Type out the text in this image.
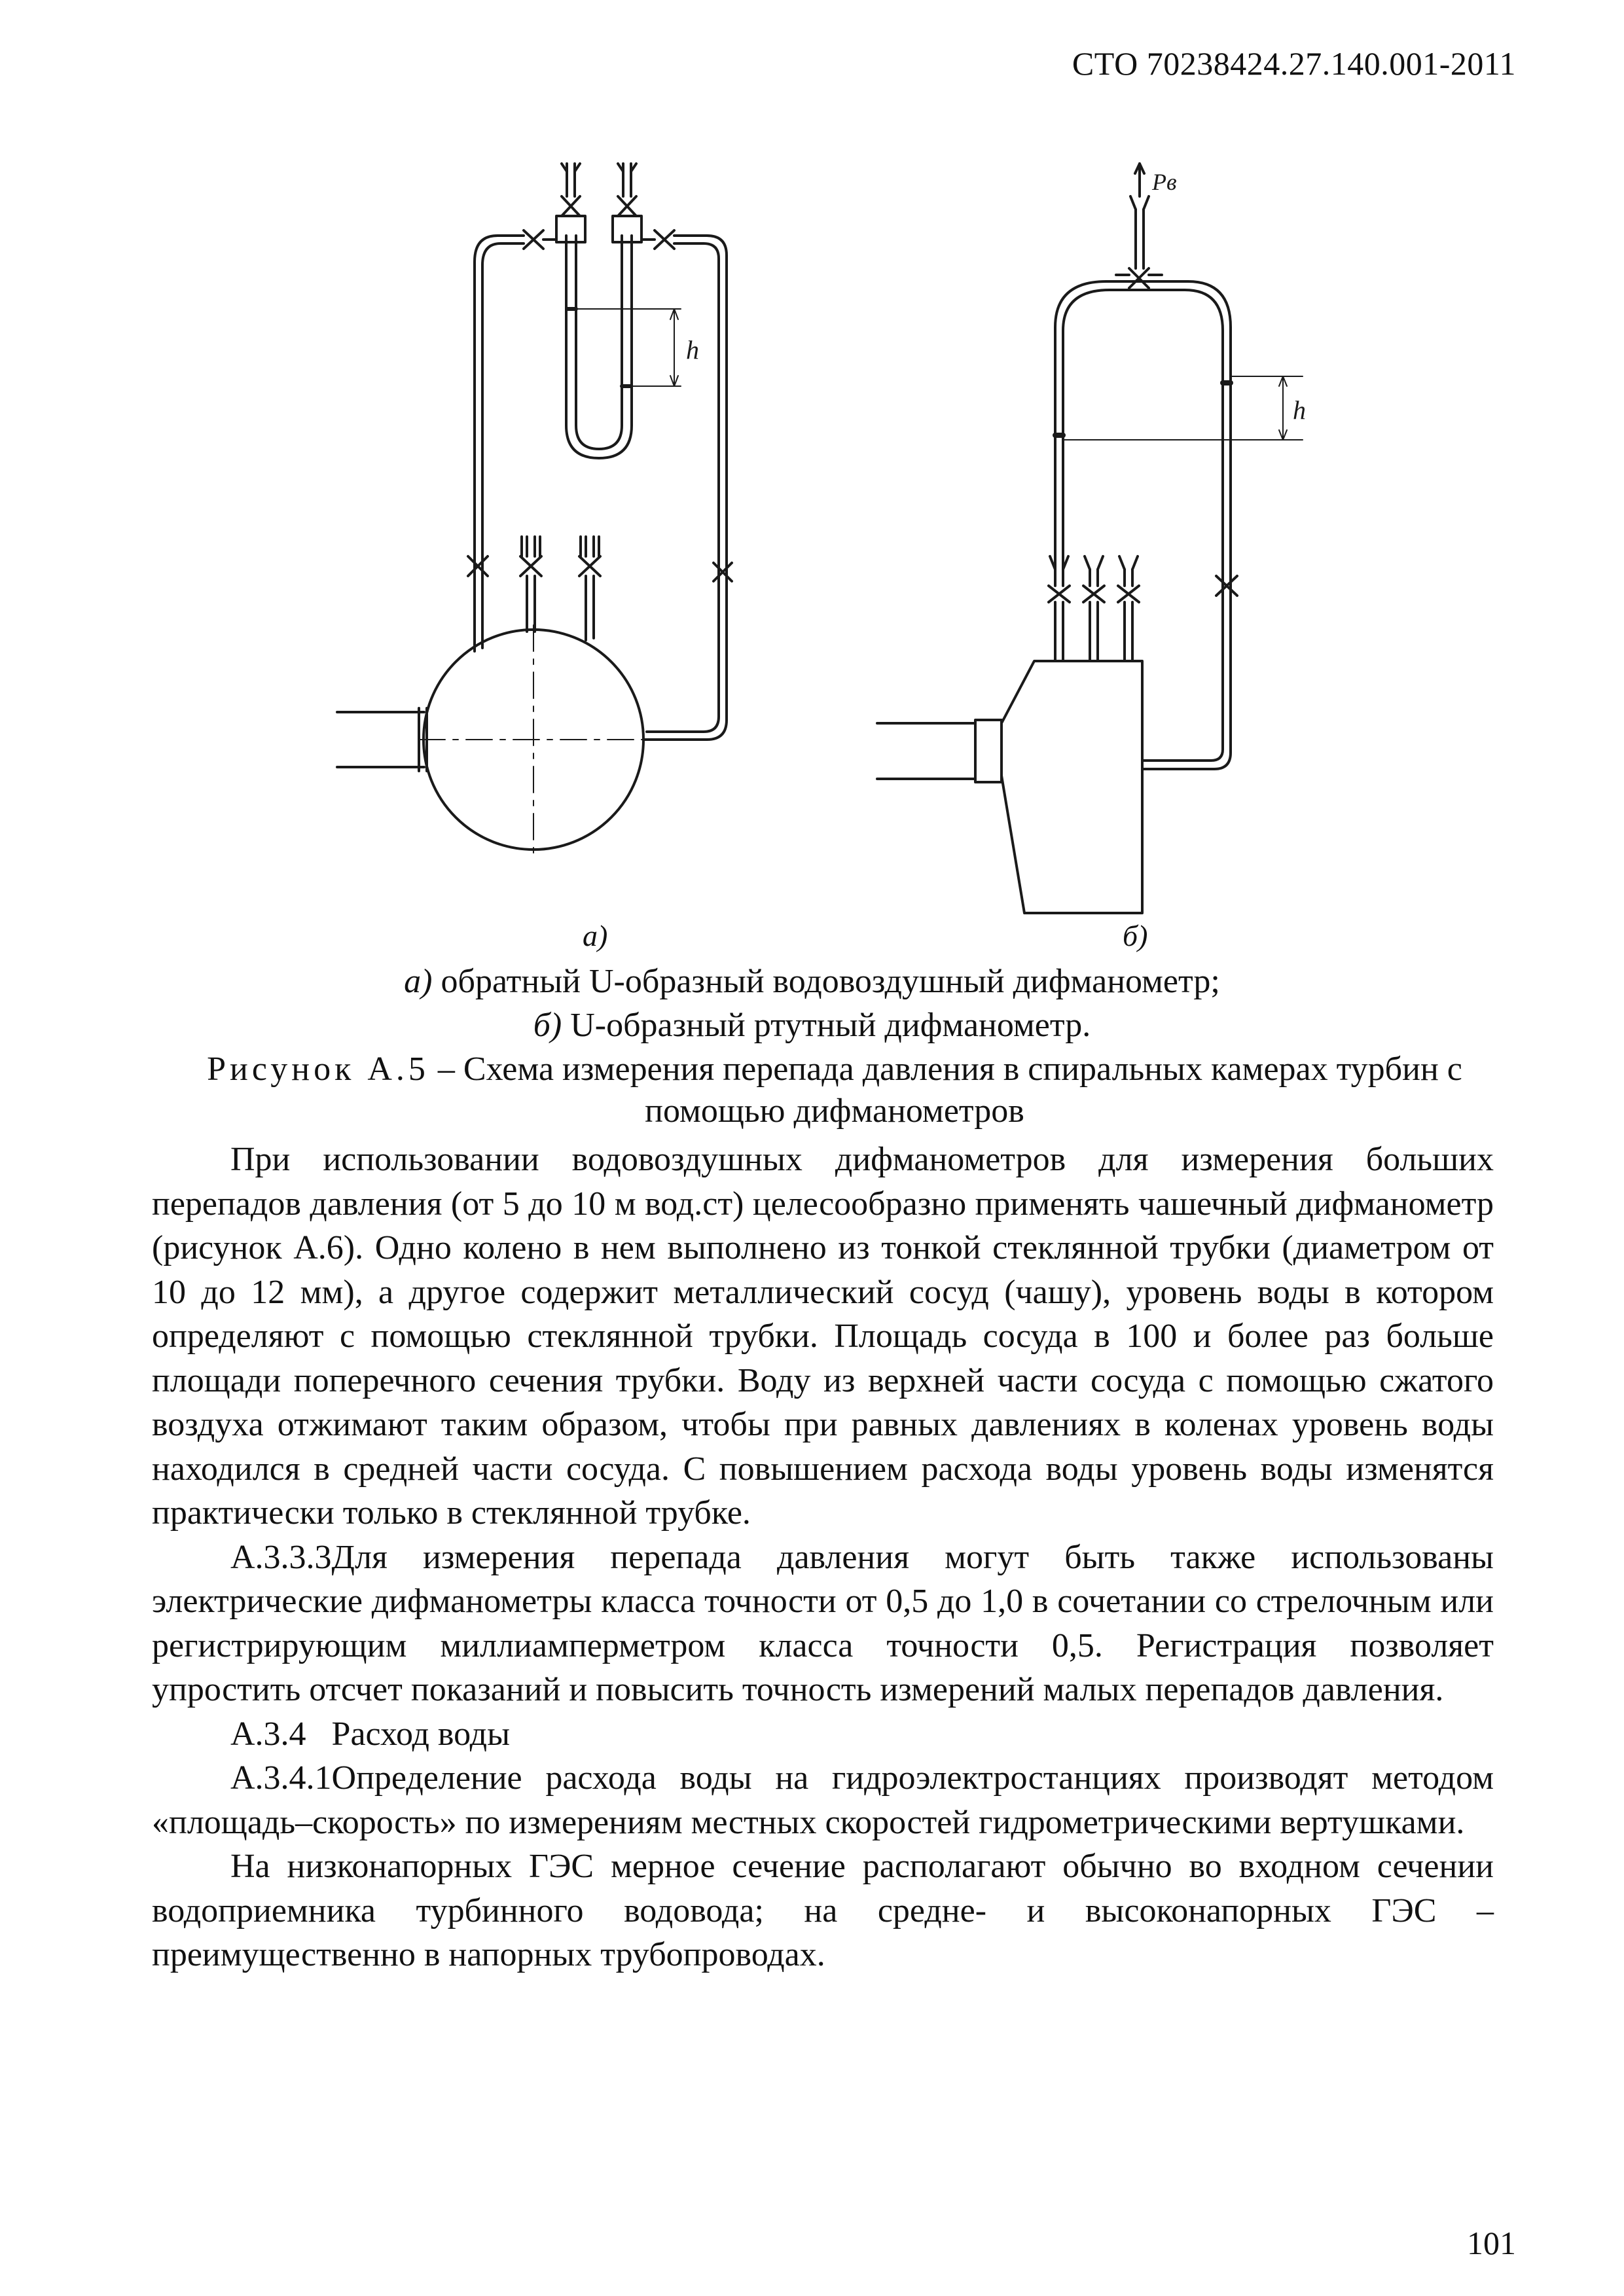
СТО 70238424.27.140.001-2011
h
Pв
h
а)	б)
а) обратный U-образный водовоздушный дифманометр;
б) U-образный ртутный дифманометр.
Рисунок А.5 – Схема измерения перепада давления в спиральных камерах турбин с помощью дифманометров

При использовании водовоздушных дифманометров для измерения больших перепадов давления (от 5 до 10 м вод.ст) целесообразно применять чашечный дифманометр (рисунок А.6). Одно колено в нем выполнено из тонкой стеклянной трубки (диаметром от 10 до 12 мм), а другое содержит металлический сосуд (чашу), уровень воды в котором определяют с помощью стеклянной трубки. Площадь сосуда в 100 и более раз больше площади поперечного сечения трубки. Воду из верхней части сосуда с помощью сжатого воздуха отжимают таким образом, чтобы при равных давлениях в коленах уровень воды находился в средней части сосуда. С повышением расхода воды уровень воды изменятся практически только в стеклянной трубке.

А.3.3.3Для измерения перепада давления могут быть также использованы электрические дифманометры класса точности от 0,5 до 1,0 в сочетании со стрелочным или регистрирующим миллиамперметром класса точности 0,5. Регистрация позволяет упростить отсчет показаний и повысить точность измерений малых перепадов давления.

А.3.4   Расход воды

А.3.4.1Определение расхода воды на гидроэлектростанциях производят методом «площадь–скорость» по измерениям местных скоростей гидрометрическими вертушками.

На низконапорных ГЭС мерное сечение располагают обычно во входном сечении водоприемника турбинного водовода; на средне- и высоконапорных ГЭС – преимущественно в напорных трубопроводах.

101
